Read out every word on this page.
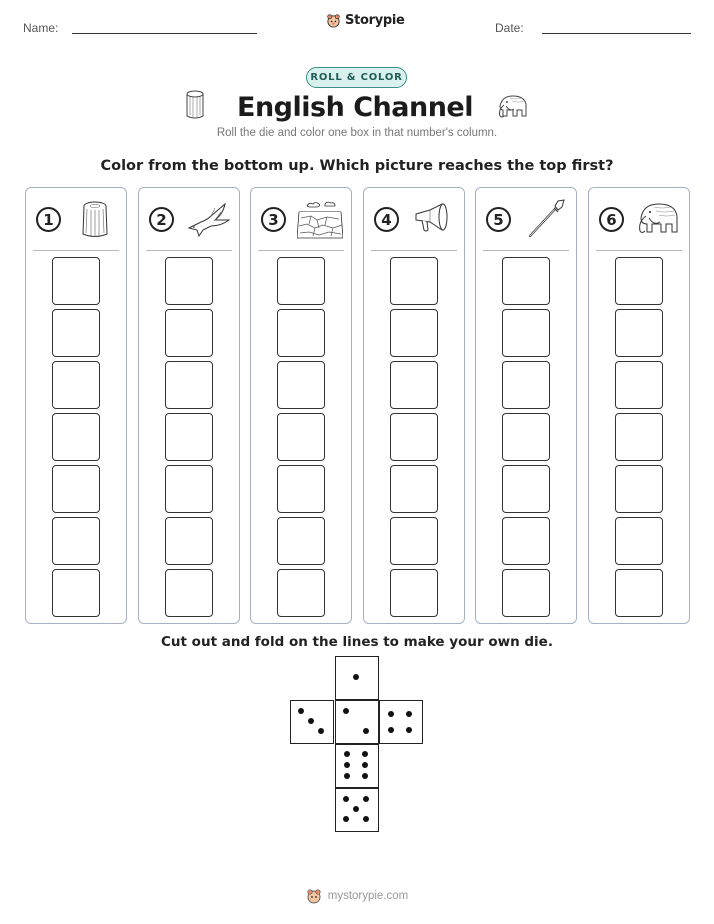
Name:	Storypie	Date:
ROLL & COLOR
English Channel
Roll the die and color one box in that number's column.
Color from the bottom up. Which picture reaches the top first?
1	2	3	4	5	6
Cut out and fold on the lines to make your own die.
mystorypie.com
